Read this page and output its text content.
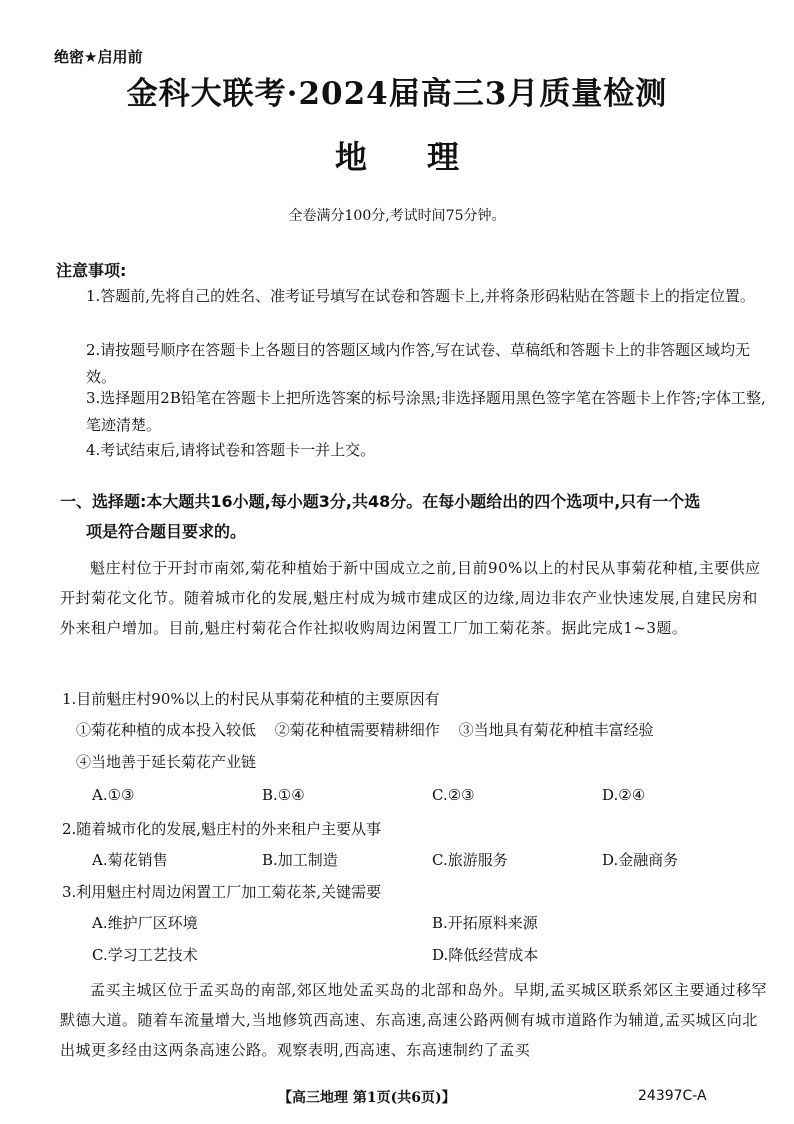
绝密★启用前
金科大联考·2024届高三3月质量检测
地理
全卷满分100分,考试时间75分钟。
注意事项:
1.答题前,先将自己的姓名、准考证号填写在试卷和答题卡上,并将条形码粘贴在答题卡上的指定位置。
2.请按题号顺序在答题卡上各题目的答题区域内作答,写在试卷、草稿纸和答题卡上的非答题区域均无效。
3.选择题用2B铅笔在答题卡上把所选答案的标号涂黑;非选择题用黑色签字笔在答题卡上作答;字体工整,笔迹清楚。
4.考试结束后,请将试卷和答题卡一并上交。
一、选择题:本大题共16小题,每小题3分,共48分。在每小题给出的四个选项中,只有一个选
项是符合题目要求的。
魁庄村位于开封市南郊,菊花种植始于新中国成立之前,目前90%以上的村民从事菊花种植,主要供应开封菊花文化节。随着城市化的发展,魁庄村成为城市建成区的边缘,周边非农产业快速发展,自建民房和外来租户增加。目前,魁庄村菊花合作社拟收购周边闲置工厂加工菊花茶。据此完成1~3题。
1.目前魁庄村90%以上的村民从事菊花种植的主要原因有
①菊花种植的成本投入较低 ②菊花种植需要精耕细作 ③当地具有菊花种植丰富经验
④当地善于延长菊花产业链
A.①③	B.①④	C.②③	D.②④
2.随着城市化的发展,魁庄村的外来租户主要从事
A.菊花销售	B.加工制造	C.旅游服务	D.金融商务
3.利用魁庄村周边闲置工厂加工菊花茶,关键需要
A.维护厂区环境	B.开拓原料来源
C.学习工艺技术	D.降低经营成本
孟买主城区位于孟买岛的南部,郊区地处孟买岛的北部和岛外。早期,孟买城区联系郊区主要通过移罕默德大道。随着车流量增大,当地修筑西高速、东高速,高速公路两侧有城市道路作为辅道,孟买城区向北出城更多经由这两条高速公路。观察表明,西高速、东高速制约了孟买
【高三地理 第1页(共6页)】	24397C-A
